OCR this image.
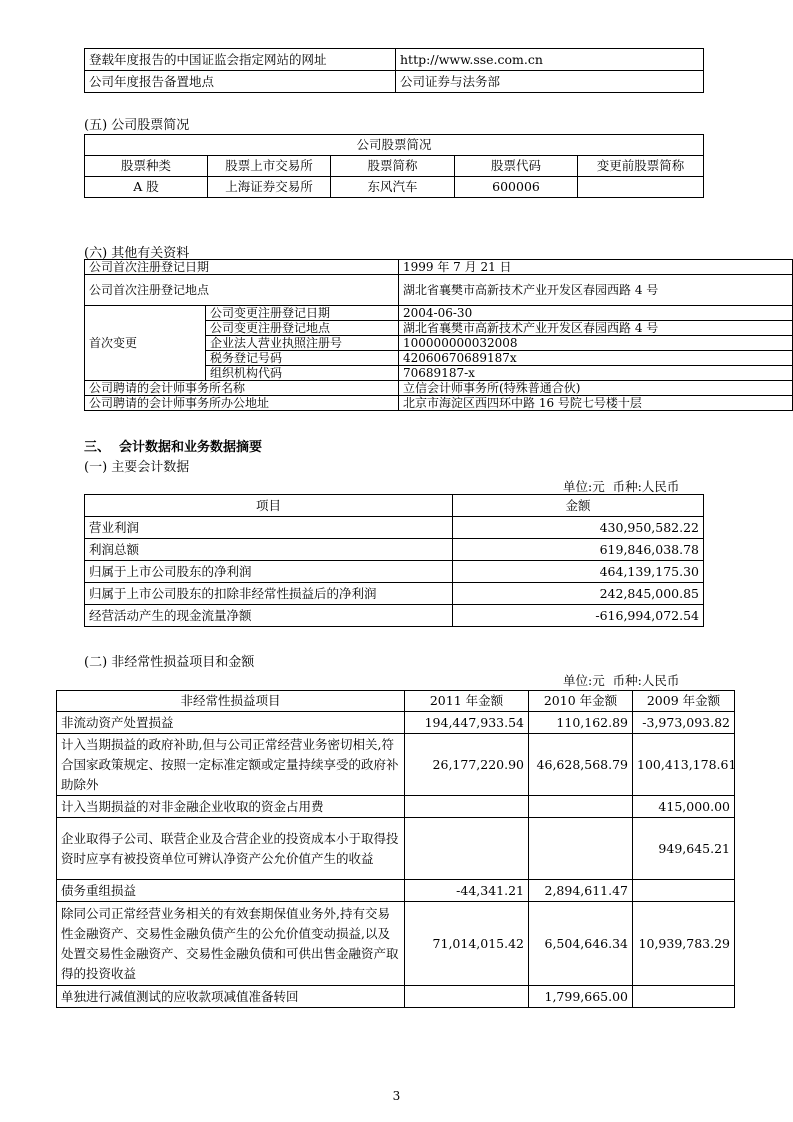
登载年度报告的中国证监会指定网站的网址	http://www.sse.com.cn
公司年度报告备置地点	公司证券与法务部
(五) 公司股票简况
公司股票简况				
股票种类	股票上市交易所	股票简称	股票代码	变更前股票简称
A 股	上海证券交易所	东风汽车	600006	
(六) 其他有关资料
公司首次注册登记日期		1999 年 7 月 21 日
公司首次注册登记地点		湖北省襄樊市高新技术产业开发区春园西路 4 号
首次变更	公司变更注册登记日期	2004-06-30
	公司变更注册登记地点	湖北省襄樊市高新技术产业开发区春园西路 4 号
	企业法人营业执照注册号	100000000032008
	税务登记号码	42060670689187x
	组织机构代码	70689187-x
公司聘请的会计师事务所名称		立信会计师事务所(特殊普通合伙)
公司聘请的会计师事务所办公地址		北京市海淀区西四环中路 16 号院七号楼十层
三、  会计数据和业务数据摘要
(一) 主要会计数据
单位:元  币种:人民币
项目	金额
营业利润	430,950,582.22
利润总额	619,846,038.78
归属于上市公司股东的净利润	464,139,175.30
归属于上市公司股东的扣除非经常性损益后的净利润	242,845,000.85
经营活动产生的现金流量净额	-616,994,072.54
(二) 非经常性损益项目和金额
单位:元  币种:人民币
非经常性损益项目	2011 年金额	2010 年金额	2009 年金额
非流动资产处置损益	194,447,933.54	110,162.89	-3,973,093.82
计入当期损益的政府补助,但与公司正常经营业务密切相关,符合国家政策规定、按照一定标准定额或定量持续享受的政府补助除外	26,177,220.90	46,628,568.79	100,413,178.61
计入当期损益的对非金融企业收取的资金占用费			415,000.00
企业取得子公司、联营企业及合营企业的投资成本小于取得投资时应享有被投资单位可辨认净资产公允价值产生的收益			949,645.21
债务重组损益	-44,341.21	2,894,611.47	
除同公司正常经营业务相关的有效套期保值业务外,持有交易性金融资产、交易性金融负债产生的公允价值变动损益,以及处置交易性金融资产、交易性金融负债和可供出售金融资产取得的投资收益	71,014,015.42	6,504,646.34	10,939,783.29
单独进行减值测试的应收款项减值准备转回		1,799,665.00	
3
